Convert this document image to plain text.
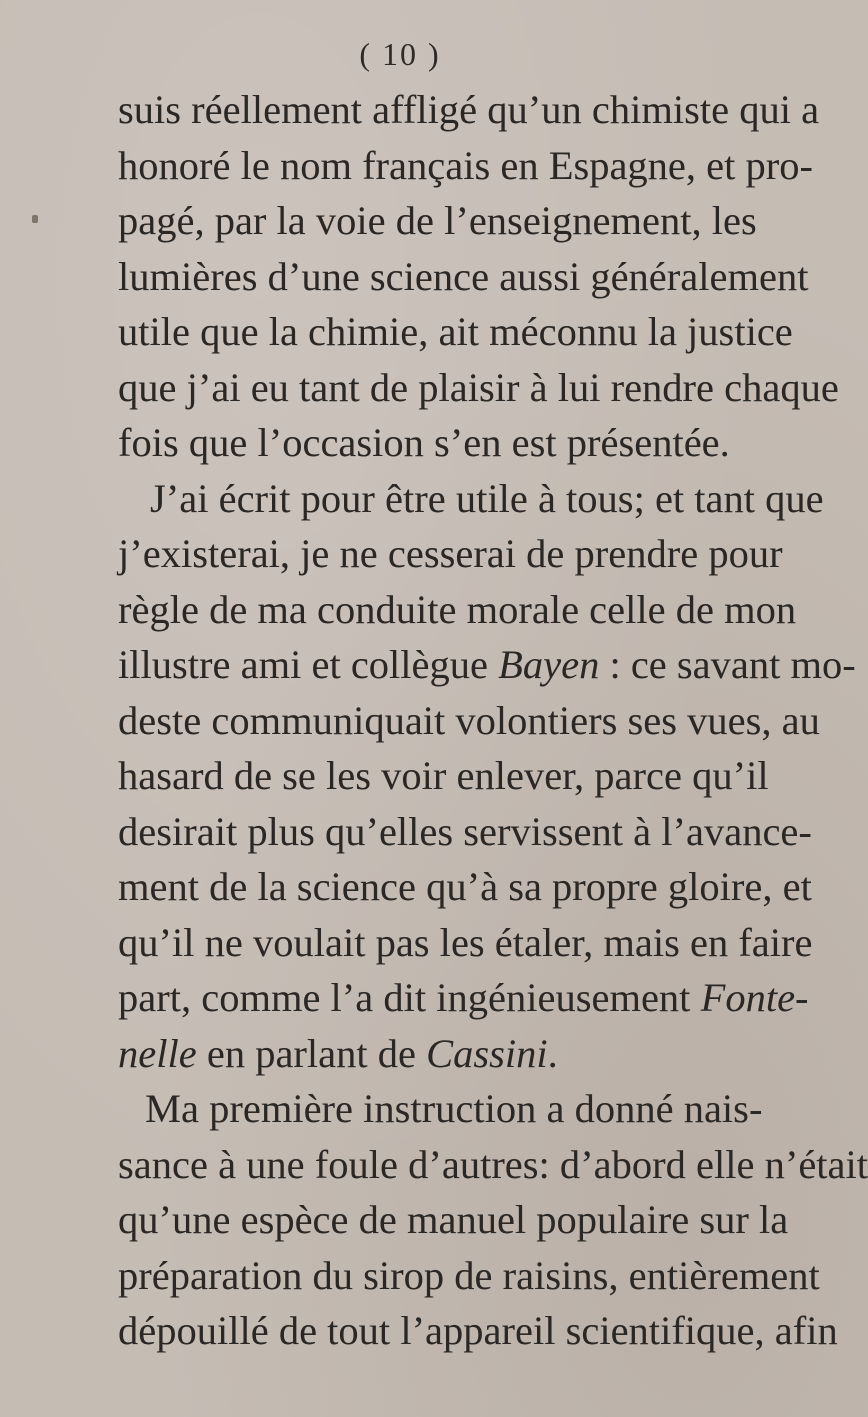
( 10 )
suis réellement affligé qu’un chimiste qui a
honoré le nom français en Espagne, et pro-
pagé, par la voie de l’enseignement, les
lumières d’une science aussi généralement
utile que la chimie, ait méconnu la justice
que j’ai eu tant de plaisir à lui rendre chaque
fois que l’occasion s’en est présentée.
J’ai écrit pour être utile à tous; et tant que
j’existerai, je ne cesserai de prendre pour
règle de ma conduite morale celle de mon
illustre ami et collègue Bayen : ce savant mo-
deste communiquait volontiers ses vues, au
hasard de se les voir enlever, parce qu’il
desirait plus qu’elles servissent à l’avance-
ment de la science qu’à sa propre gloire, et
qu’il ne voulait pas les étaler, mais en faire
part, comme l’a dit ingénieusement Fonte-
nelle en parlant de Cassini.
Ma première instruction a donné nais-
sance à une foule d’autres: d’abord elle n’était
qu’une espèce de manuel populaire sur la
préparation du sirop de raisins, entièrement
dépouillé de tout l’appareil scientifique, afin
